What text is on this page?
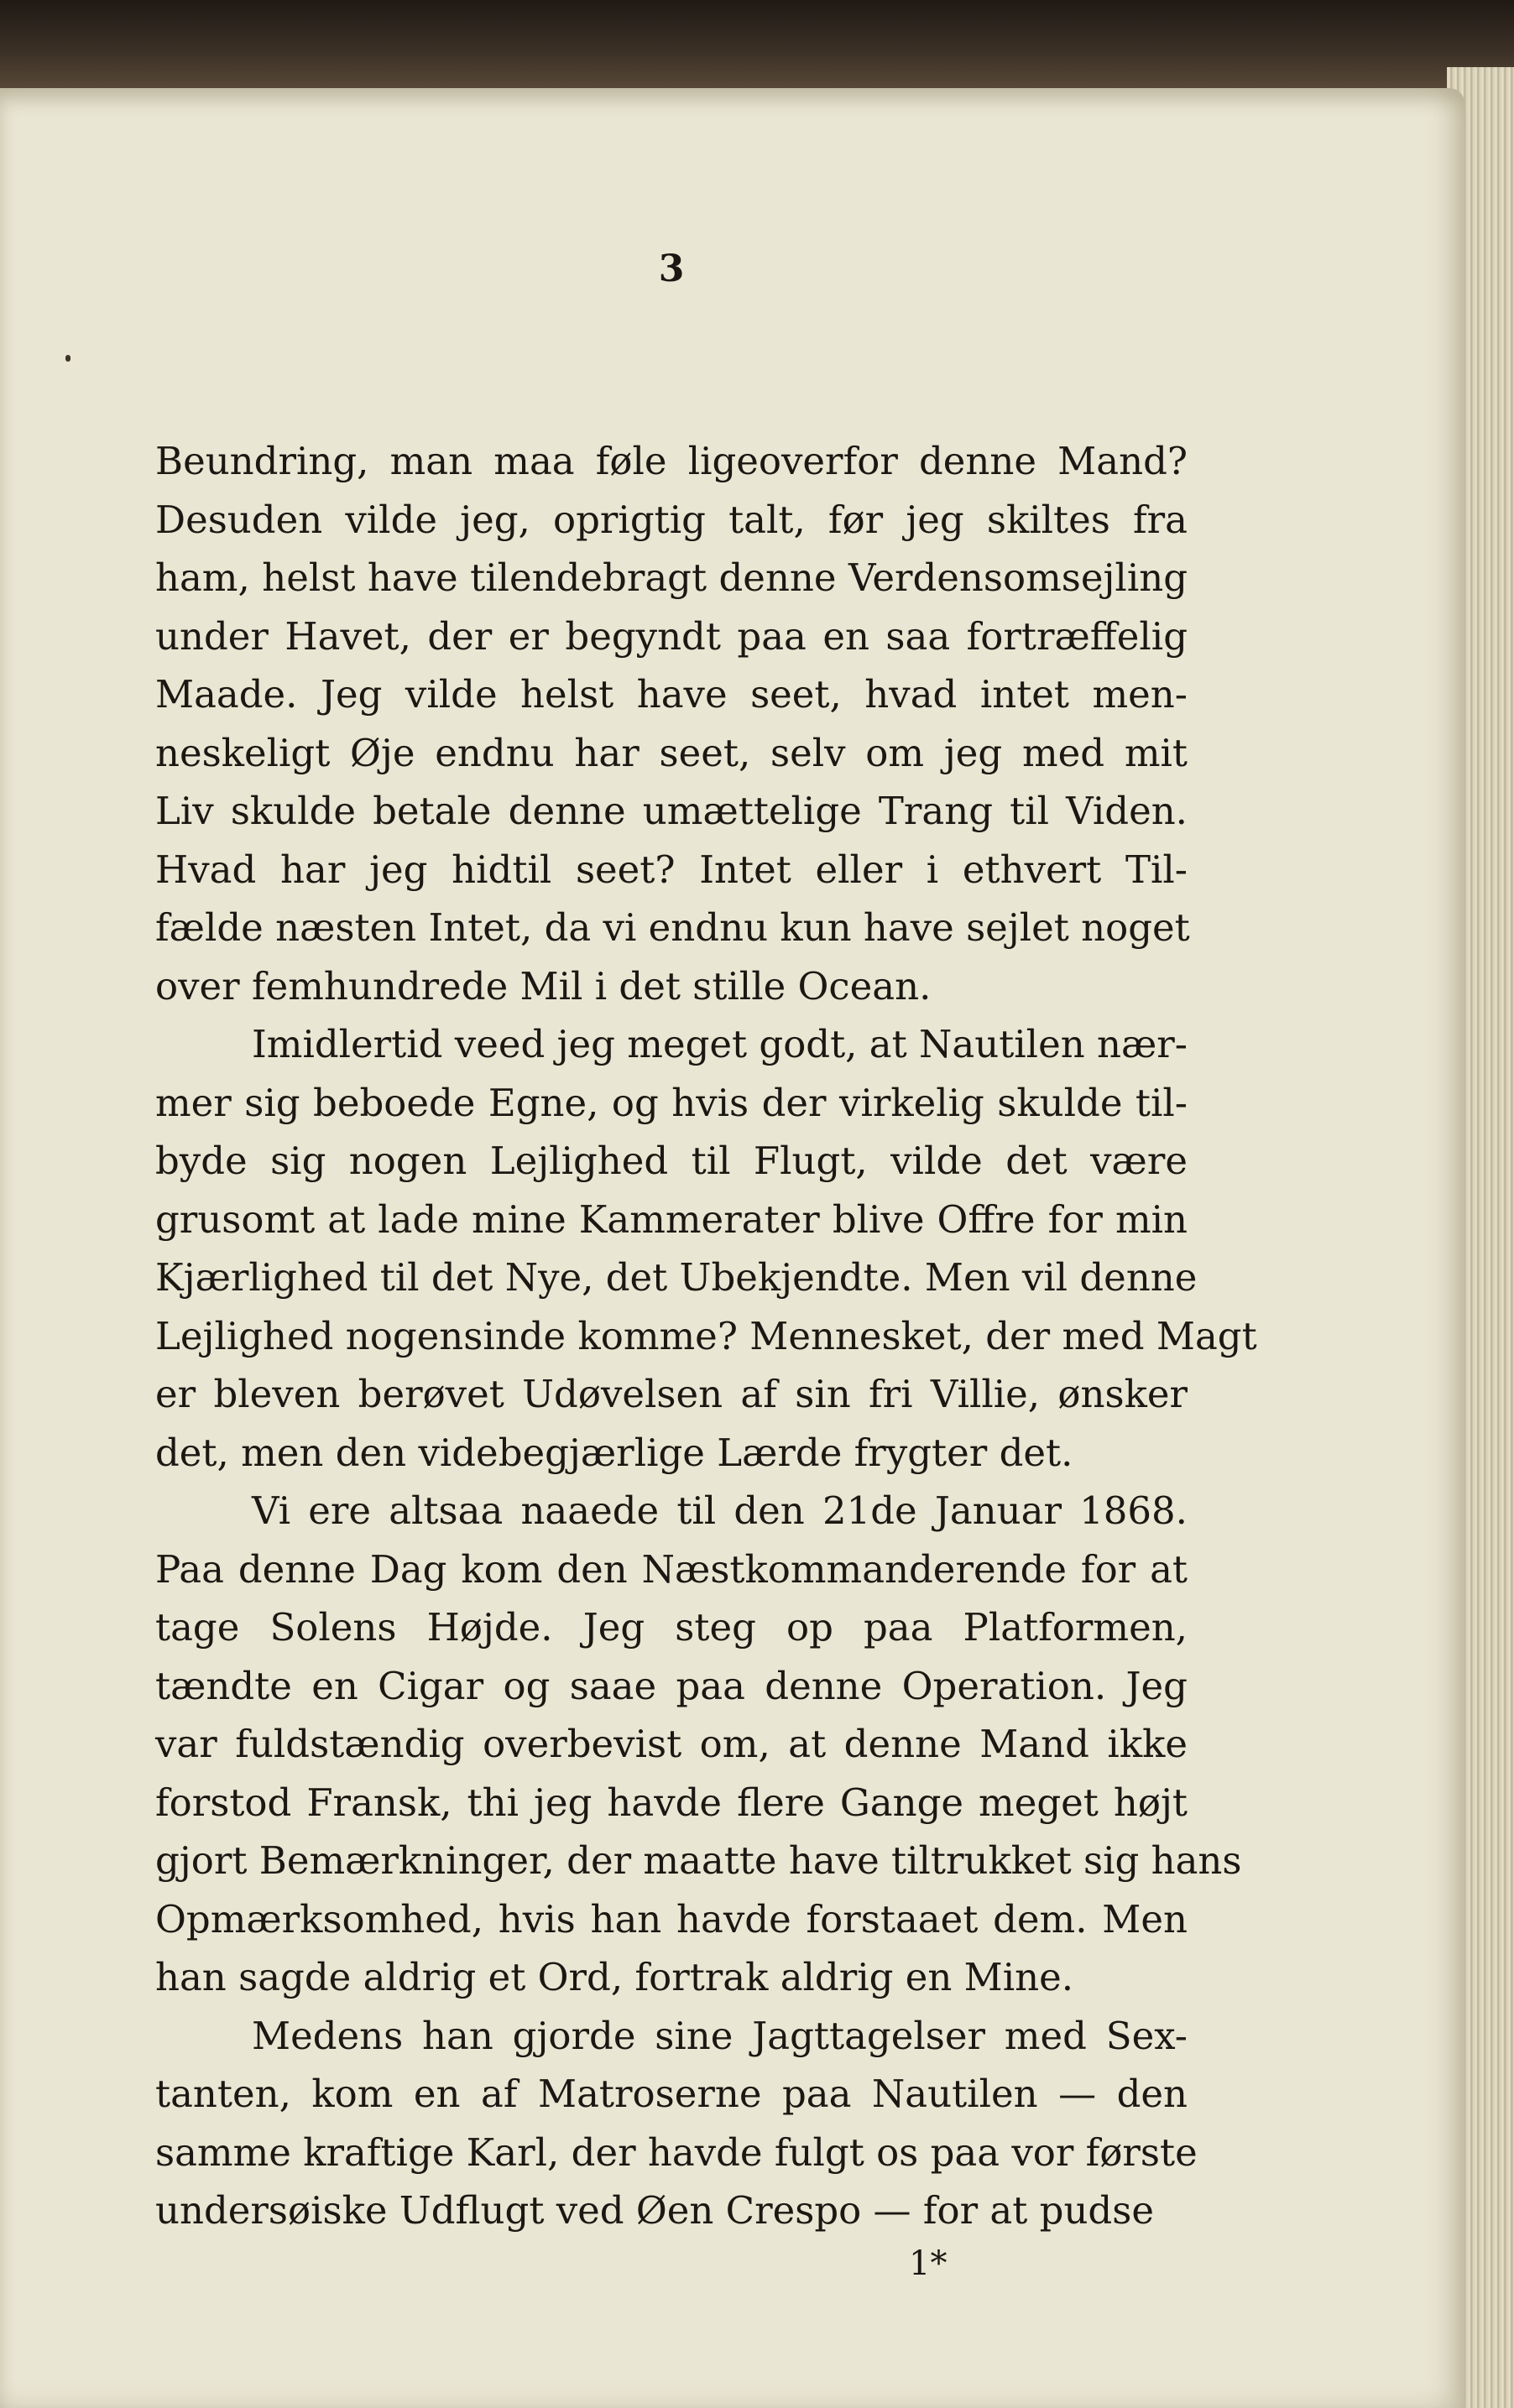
3
Beundring, man maa føle ligeoverfor denne Mand?
Desuden vilde jeg, oprigtig talt, før jeg skiltes fra
ham, helst have tilendebragt denne Verdensomsejling
under Havet, der er begyndt paa en saa fortræffelig
Maade. Jeg vilde helst have seet, hvad intet men-
neskeligt Øje endnu har seet, selv om jeg med mit
Liv skulde betale denne umættelige Trang til Viden.
Hvad har jeg hidtil seet? Intet eller i ethvert Til-
fælde næsten Intet, da vi endnu kun have sejlet noget
over femhundrede Mil i det stille Ocean.
Imidlertid veed jeg meget godt, at Nautilen nær-
mer sig beboede Egne, og hvis der virkelig skulde til-
byde sig nogen Lejlighed til Flugt, vilde det være
grusomt at lade mine Kammerater blive Offre for min
Kjærlighed til det Nye, det Ubekjendte. Men vil denne
Lejlighed nogensinde komme? Mennesket, der med Magt
er bleven berøvet Udøvelsen af sin fri Villie, ønsker
det, men den videbegjærlige Lærde frygter det.
Vi ere altsaa naaede til den 21de Januar 1868.
Paa denne Dag kom den Næstkommanderende for at
tage Solens Højde. Jeg steg op paa Platformen,
tændte en Cigar og saae paa denne Operation. Jeg
var fuldstændig overbevist om, at denne Mand ikke
forstod Fransk, thi jeg havde flere Gange meget højt
gjort Bemærkninger, der maatte have tiltrukket sig hans
Opmærksomhed, hvis han havde forstaaet dem. Men
han sagde aldrig et Ord, fortrak aldrig en Mine.
Medens han gjorde sine Jagttagelser med Sex-
tanten, kom en af Matroserne paa Nautilen — den
samme kraftige Karl, der havde fulgt os paa vor første
undersøiske Udflugt ved Øen Crespo — for at pudse
1*
